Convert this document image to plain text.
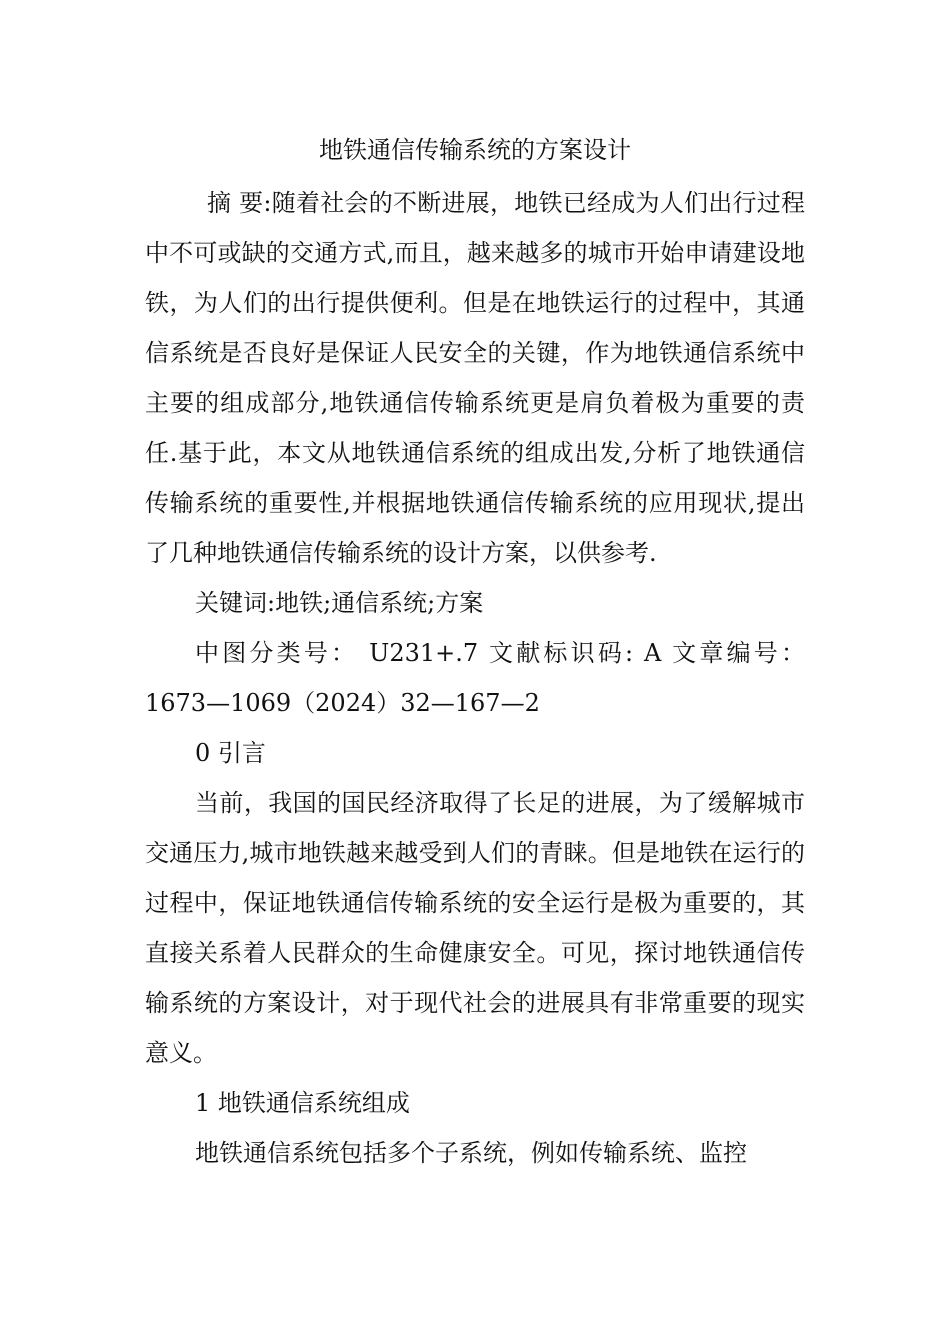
地铁通信传输系统的方案设计

摘 要:随着社会的不断进展，地铁已经成为人们出行过程中不可或缺的交通方式,而且，越来越多的城市开始申请建设地铁，为人们的出行提供便利。但是在地铁运行的过程中，其通信系统是否良好是保证人民安全的关键，作为地铁通信系统中主要的组成部分,地铁通信传输系统更是肩负着极为重要的责任.基于此，本文从地铁通信系统的组成出发,分析了地铁通信传输系统的重要性,并根据地铁通信传输系统的应用现状,提出了几种地铁通信传输系统的设计方案，以供参考.

关键词:地铁;通信系统;方案

中图分类号： U231+.7 文献标识码: A 文章编号： 1673—1069（2024）32—167—2

0 引言

当前，我国的国民经济取得了长足的进展，为了缓解城市交通压力,城市地铁越来越受到人们的青睐。但是地铁在运行的过程中，保证地铁通信传输系统的安全运行是极为重要的，其直接关系着人民群众的生命健康安全。可见，探讨地铁通信传输系统的方案设计，对于现代社会的进展具有非常重要的现实意义。

1 地铁通信系统组成

地铁通信系统包括多个子系统，例如传输系统、监控
